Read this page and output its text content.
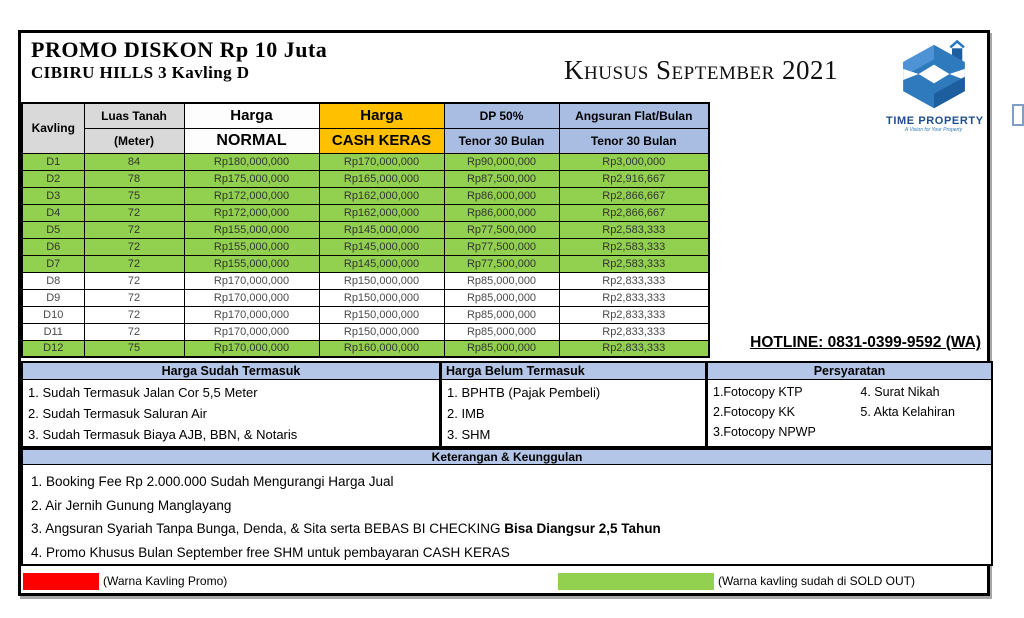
PROMO DISKON Rp 10 Juta
CIBIRU HILLS 3 Kavling D	Khusus September 2021
TIME PROPERTY
A Vision for Your Property
Kavling	Luas Tanah	Harga	Harga	DP 50%	Angsuran Flat/Bulan
	(Meter)	NORMAL	CASH KERAS	Tenor 30 Bulan	Tenor 30 Bulan
D1	84	Rp180,000,000	Rp170,000,000	Rp90,000,000	Rp3,000,000
D2	78	Rp175,000,000	Rp165,000,000	Rp87,500,000	Rp2,916,667
D3	75	Rp172,000,000	Rp162,000,000	Rp86,000,000	Rp2,866,667
D4	72	Rp172,000,000	Rp162,000,000	Rp86,000,000	Rp2,866,667
D5	72	Rp155,000,000	Rp145,000,000	Rp77,500,000	Rp2,583,333
D6	72	Rp155,000,000	Rp145,000,000	Rp77,500,000	Rp2,583,333
D7	72	Rp155,000,000	Rp145,000,000	Rp77,500,000	Rp2,583,333
D8	72	Rp170,000,000	Rp150,000,000	Rp85,000,000	Rp2,833,333
D9	72	Rp170,000,000	Rp150,000,000	Rp85,000,000	Rp2,833,333
D10	72	Rp170,000,000	Rp150,000,000	Rp85,000,000	Rp2,833,333
D11	72	Rp170,000,000	Rp150,000,000	Rp85,000,000	Rp2,833,333
D12	75	Rp170,000,000	Rp160,000,000	Rp85,000,000	Rp2,833,333	HOTLINE: 0831-0399-9592 (WA)
Harga Sudah Termasuk
1. Sudah Termasuk Jalan Cor 5,5 Meter
2. Sudah Termasuk Saluran Air
3. Sudah Termasuk Biaya AJB, BBN, & Notaris
Harga Belum Termasuk
1. BPHTB (Pajak Pembeli)
2. IMB
3. SHM
Persyaratan
1.Fotocopy KTP
2.Fotocopy KK
3.Fotocopy NPWP
4. Surat Nikah
5. Akta Kelahiran
Keterangan & Keunggulan
1. Booking Fee Rp 2.000.000 Sudah Mengurangi Harga Jual
2. Air Jernih Gunung Manglayang
3. Angsuran Syariah Tanpa Bunga, Denda, & Sita serta BEBAS BI CHECKING Bisa Diangsur 2,5 Tahun
4. Promo Khusus Bulan September free SHM untuk pembayaran CASH KERAS
(Warna Kavling Promo)	(Warna kavling sudah di SOLD OUT)
